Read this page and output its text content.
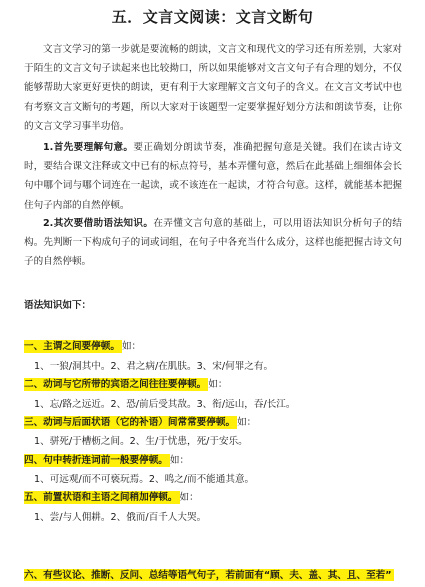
五．文言文阅读：文言文断句
文言文学习的第一步就是要流畅的朗读，文言文和现代文的学习还有所差别，大家对于陌生的文言文句子读起来也比较拗口，所以如果能够对文言文句子有合理的划分，不仅能够帮助大家更好更快的朗读，更有利于大家理解文言文句子的含义。在文言文考试中也有考察文言文断句的考题，所以大家对于该题型一定要掌握好划分方法和朗读节奏，让你的文言文学习事半功倍。
1.首先要理解句意。要正确划分朗读节奏，准确把握句意是关键。我们在读古诗文时，要结合课文注释或文中已有的标点符号，基本弄懂句意，然后在此基础上细细体会长句中哪个词与哪个词连在一起读，或不该连在一起读，才符合句意。这样，就能基本把握住句子内部的自然停顿。
2.其次要借助语法知识。在弄懂文言句意的基础上，可以用语法知识分析句子的结构。先判断一下构成句子的词或词组，在句子中各充当什么成分，这样也能把握古诗文句子的自然停顿。
语法知识如下：
一、主谓之间要停顿。 如：
1、一狼/洞其中。2、君之病/在肌肤。3、宋/何罪之有。
二、动词与它所带的宾语之间往往要停顿。 如：
1、忘/路之远近。2、恐/前后受其敌。3、衔/远山，吞/长江。
三、动词与后面状语（它的补语）间常常要停顿。 如：
1、骈死/于槽枥之间。2、生/于忧患，死/于安乐。
四、句中转折连词前一般要停顿。 如：
1、可远观/而不可亵玩焉。2、鸣之/而不能通其意。
五、前置状语和主语之间稍加停顿。 如：
1、尝/与人佣耕。2、俄而/百千人大哭。
六、有些议论、推断、反问、总结等语气句子，若前面有“顾、夫、盖、其、且、至若”
